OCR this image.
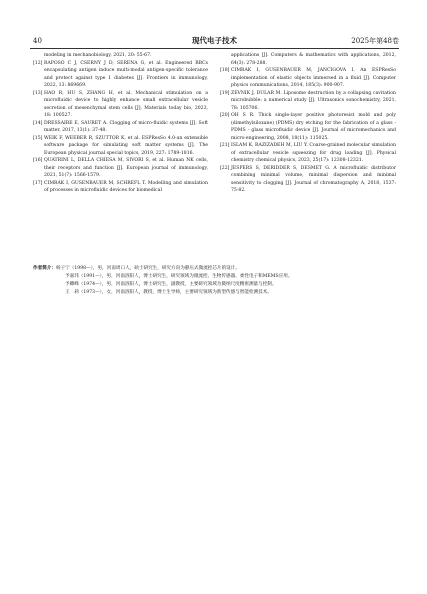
40	现代电子技术	2025年第48卷

modeling in mechanobiology, 2021, 20: 55-67.

[12] RAPOSO C J, CSERNY J D, SERENA G, et al. Engineered RBCs encapsulating antigen induce multi-modal antigen-specific tolerance and protect against type 1 diabetes [J]. Frontiers in immunology, 2022, 13: 869669.

[13] HAO R, HU S, ZHANG H, et al. Mechanical stimulation on a microfluidic device to highly enhance small extracellular vesicle secretion of mesenchymal stem cells [J]. Materials today bio, 2023, 18: 100527.

[14] DRESSAIRE E, SAURET A. Clogging of micro-fluidic systems [J]. Soft matter, 2017, 13(1): 37-48.

[15] WEIK F, WEEBER R, SZUTTOR K, et al. ESPResSo 4.0-an extensible software package for simulating soft matter systems [J]. The European physical journal special topics, 2019, 227: 1789-1816.

[16] QUATRINI L, DELLA CHIESA M, SIVORI S, et al. Human NK cells, their receptors and function [J]. European journal of immunology, 2021, 51(7): 1566-1579.

[17] CIMRÁK I, GUSENBAUER M, SCHREFL T. Modelling and simulation of processes in microfluidic devices for biomedical

applications [J]. Computers & mathematics with applications, 2012, 64(3): 278-288.

[18] CIMRAK I, GUSENBAUER M, JANCIGOVA I. An ESPResSo implementation of elastic objects immersed in a fluid [J]. Computer physics communications, 2014, 185(3): 900-907.

[19] ZEVNIK J, DULAR M. Liposome destruction by a collapsing cavitation microbubble: a numerical study [J]. Ultrasonics sonochemistry, 2021, 78: 105706.

[20] OH S R. Thick single-layer positive photoresist mold and poly (dimethylsiloxane) (PDMS) dry etching for the fabrication of a glass - PDMS - glass microfluidic device [J]. Journal of micromechanics and micro-engineering, 2008, 18(11): 115025.

[21] ISLAM K, RAZIZADEH M, LIU Y. Coarse-grained molecular simulation of extracellular vesicle squeezing for drug loading [J]. Physical chemistry chemical physics, 2023, 25(17): 12308-12321.

[22] JESPERS S, DERIDDER S, DESMET G. A microfluidic distributor combining minimal volume, minimal dispersion and minimal sensitivity to clogging [J]. Journal of chromatography A, 2018, 1537: 75-82.

作者简介：杨子宁（1998—），男，河南周口人，硕士研究生，研究方向为静压式微流控芯片的设计。
予嘉玮（1991—），男，河南洛阳人，博士研究生，研究领域为微流控、生物传感器、柔性电子和MEMS应用。
予卿峰（1974—），男，河南洛阳人，博士研究生，副教授，主要研究领域为微纳尺度精密测量与控制。
王　莉（1973—），女，河南洛阳人，教授，博士生导师，主要研究领域为新型传感与智能检测技术。
